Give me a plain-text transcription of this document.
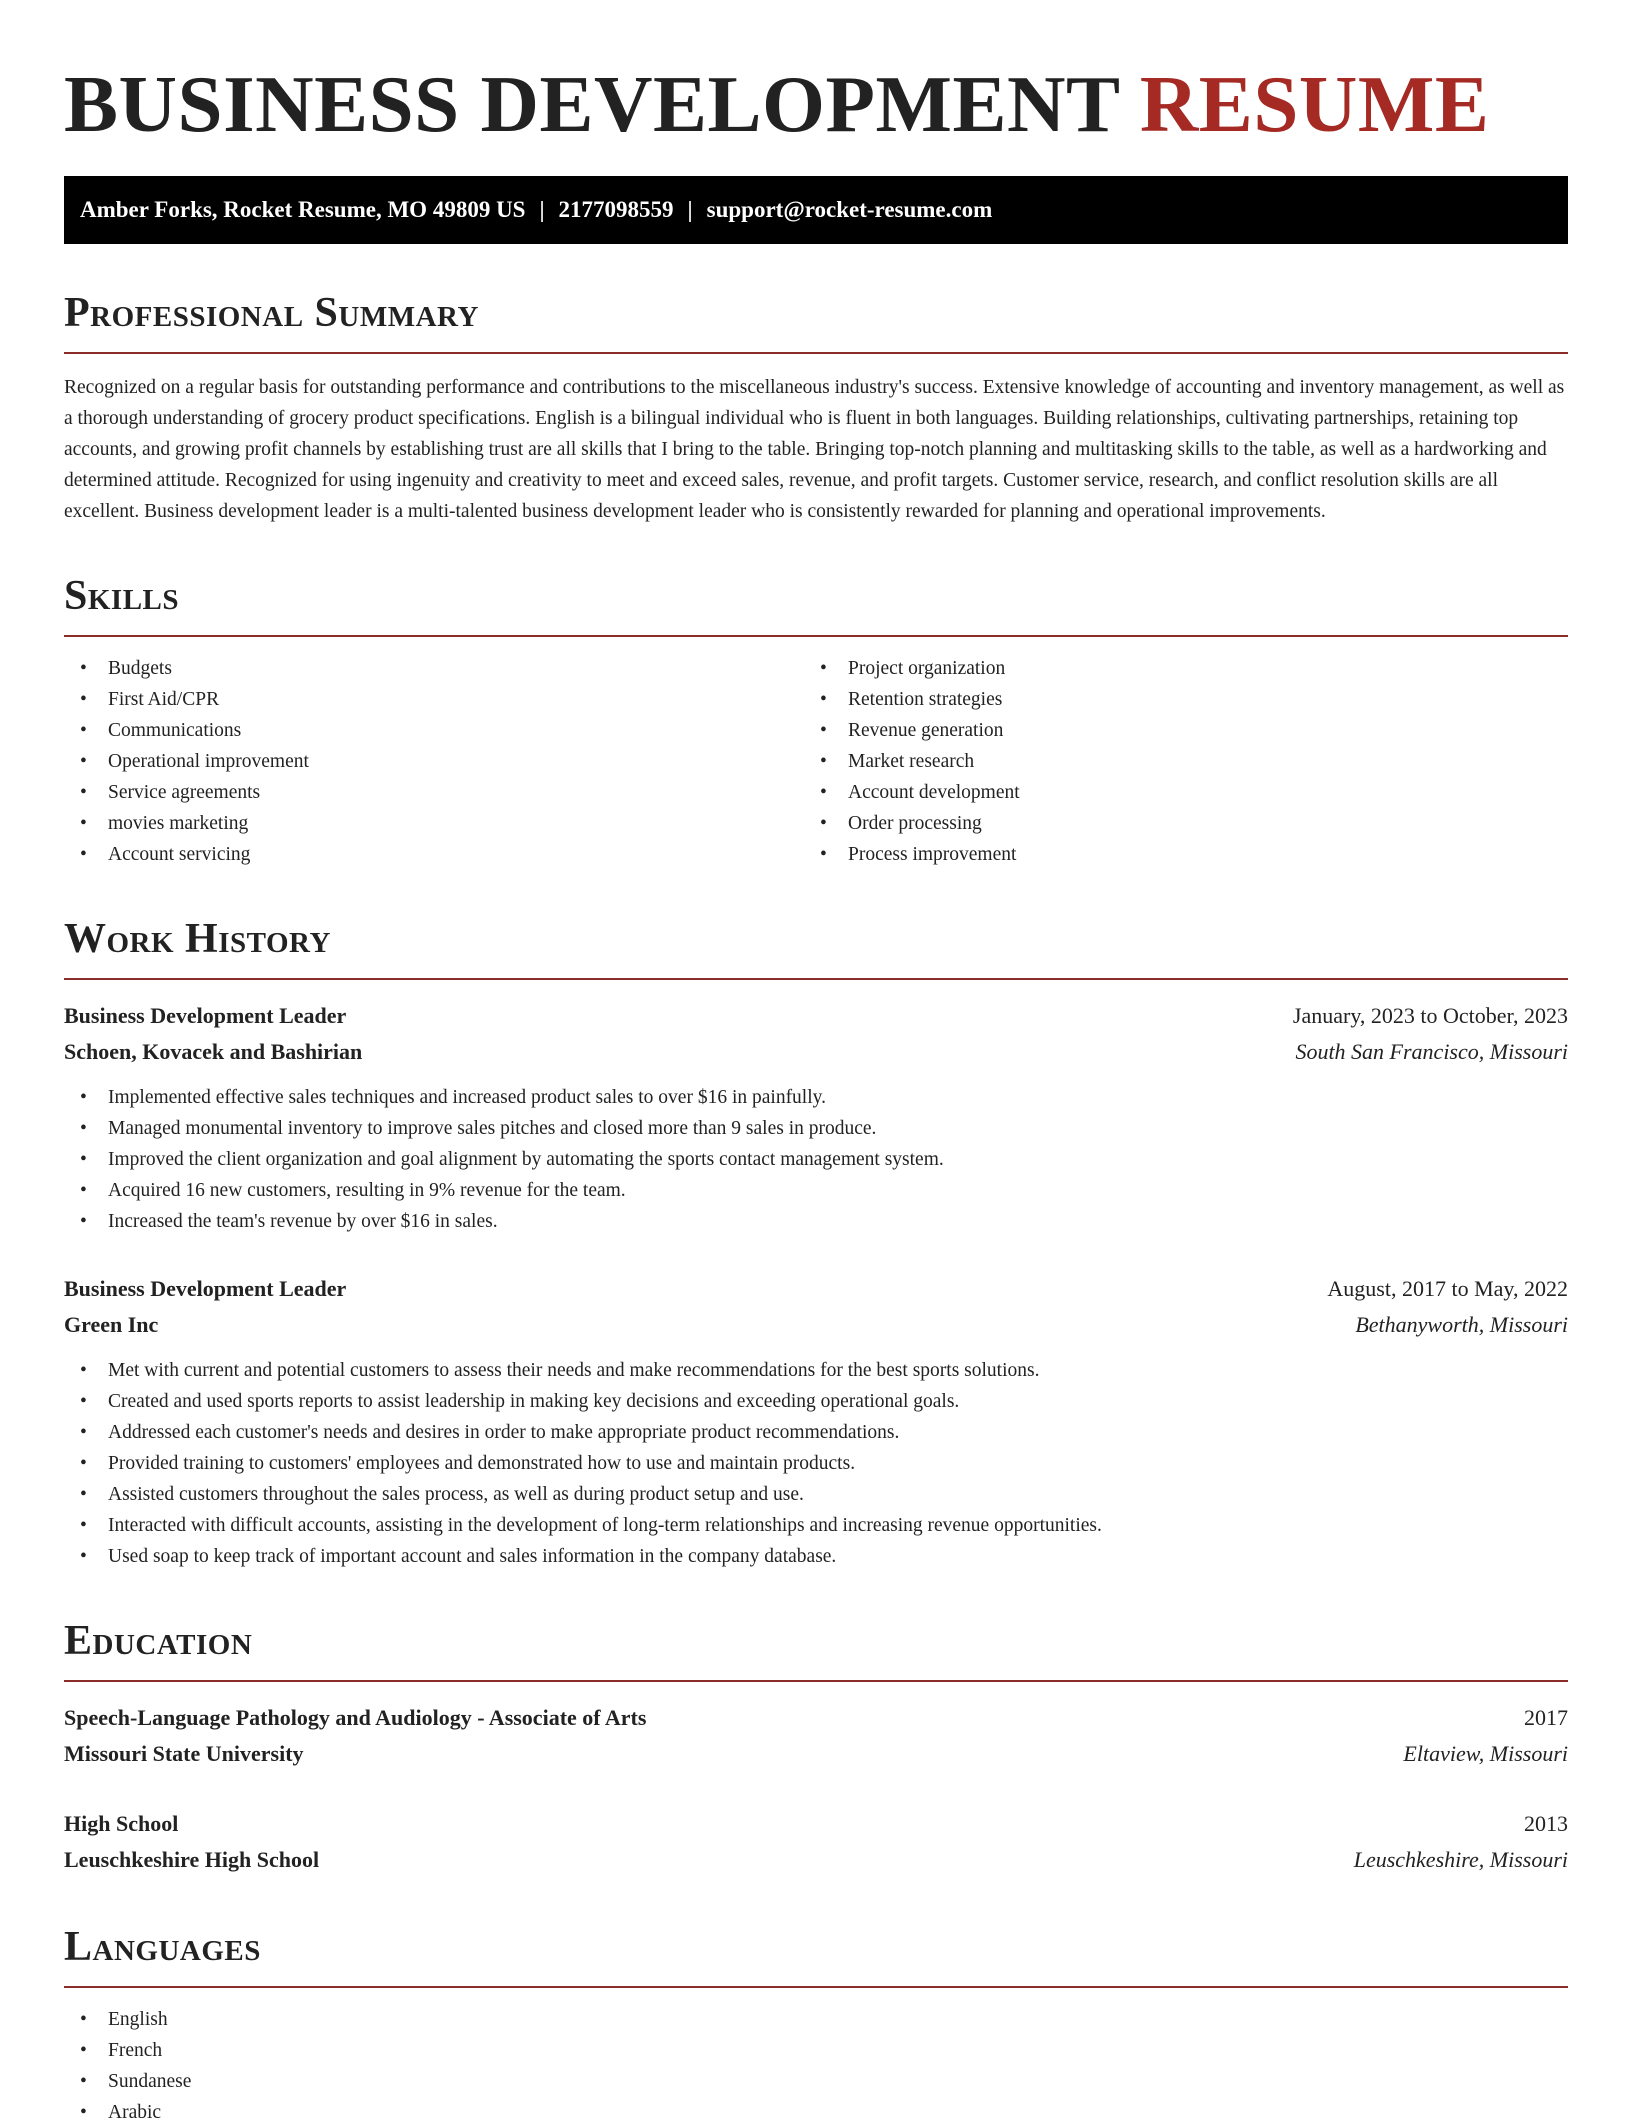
BUSINESS DEVELOPMENT RESUME
Amber Forks, Rocket Resume, MO 49809 US | 2177098559 | support@rocket-resume.com
Professional Summary

Recognized on a regular basis for outstanding performance and contributions to the miscellaneous industry's success. Extensive knowledge of accounting and inventory management, as well as a thorough understanding of grocery product specifications. English is a bilingual individual who is fluent in both languages. Building relationships, cultivating partnerships, retaining top accounts, and growing profit channels by establishing trust are all skills that I bring to the table. Bringing top-notch planning and multitasking skills to the table, as well as a hardworking and determined attitude. Recognized for using ingenuity and creativity to meet and exceed sales, revenue, and profit targets. Customer service, research, and conflict resolution skills are all excellent. Business development leader is a multi-talented business development leader who is consistently rewarded for planning and operational improvements.

Skills
• Budgets
• First Aid/CPR
• Communications
• Operational improvement
• Service agreements
• movies marketing
• Account servicing
• Project organization
• Retention strategies
• Revenue generation
• Market research
• Account development
• Order processing
• Process improvement
Work History
Business Development Leader	January, 2023 to October, 2023
Schoen, Kovacek and Bashirian	South San Francisco, Missouri
• Implemented effective sales techniques and increased product sales to over $16 in painfully.
• Managed monumental inventory to improve sales pitches and closed more than 9 sales in produce.
• Improved the client organization and goal alignment by automating the sports contact management system.
• Acquired 16 new customers, resulting in 9% revenue for the team.
• Increased the team's revenue by over $16 in sales.
Business Development Leader	August, 2017 to May, 2022
Green Inc	Bethanyworth, Missouri
• Met with current and potential customers to assess their needs and make recommendations for the best sports solutions.
• Created and used sports reports to assist leadership in making key decisions and exceeding operational goals.
• Addressed each customer's needs and desires in order to make appropriate product recommendations.
• Provided training to customers' employees and demonstrated how to use and maintain products.
• Assisted customers throughout the sales process, as well as during product setup and use.
• Interacted with difficult accounts, assisting in the development of long-term relationships and increasing revenue opportunities.
• Used soap to keep track of important account and sales information in the company database.
Education
Speech-Language Pathology and Audiology - Associate of Arts	2017
Missouri State University	Eltaview, Missouri
High School	2013
Leuschkeshire High School	Leuschkeshire, Missouri
Languages
• English
• French
• Sundanese
• Arabic
